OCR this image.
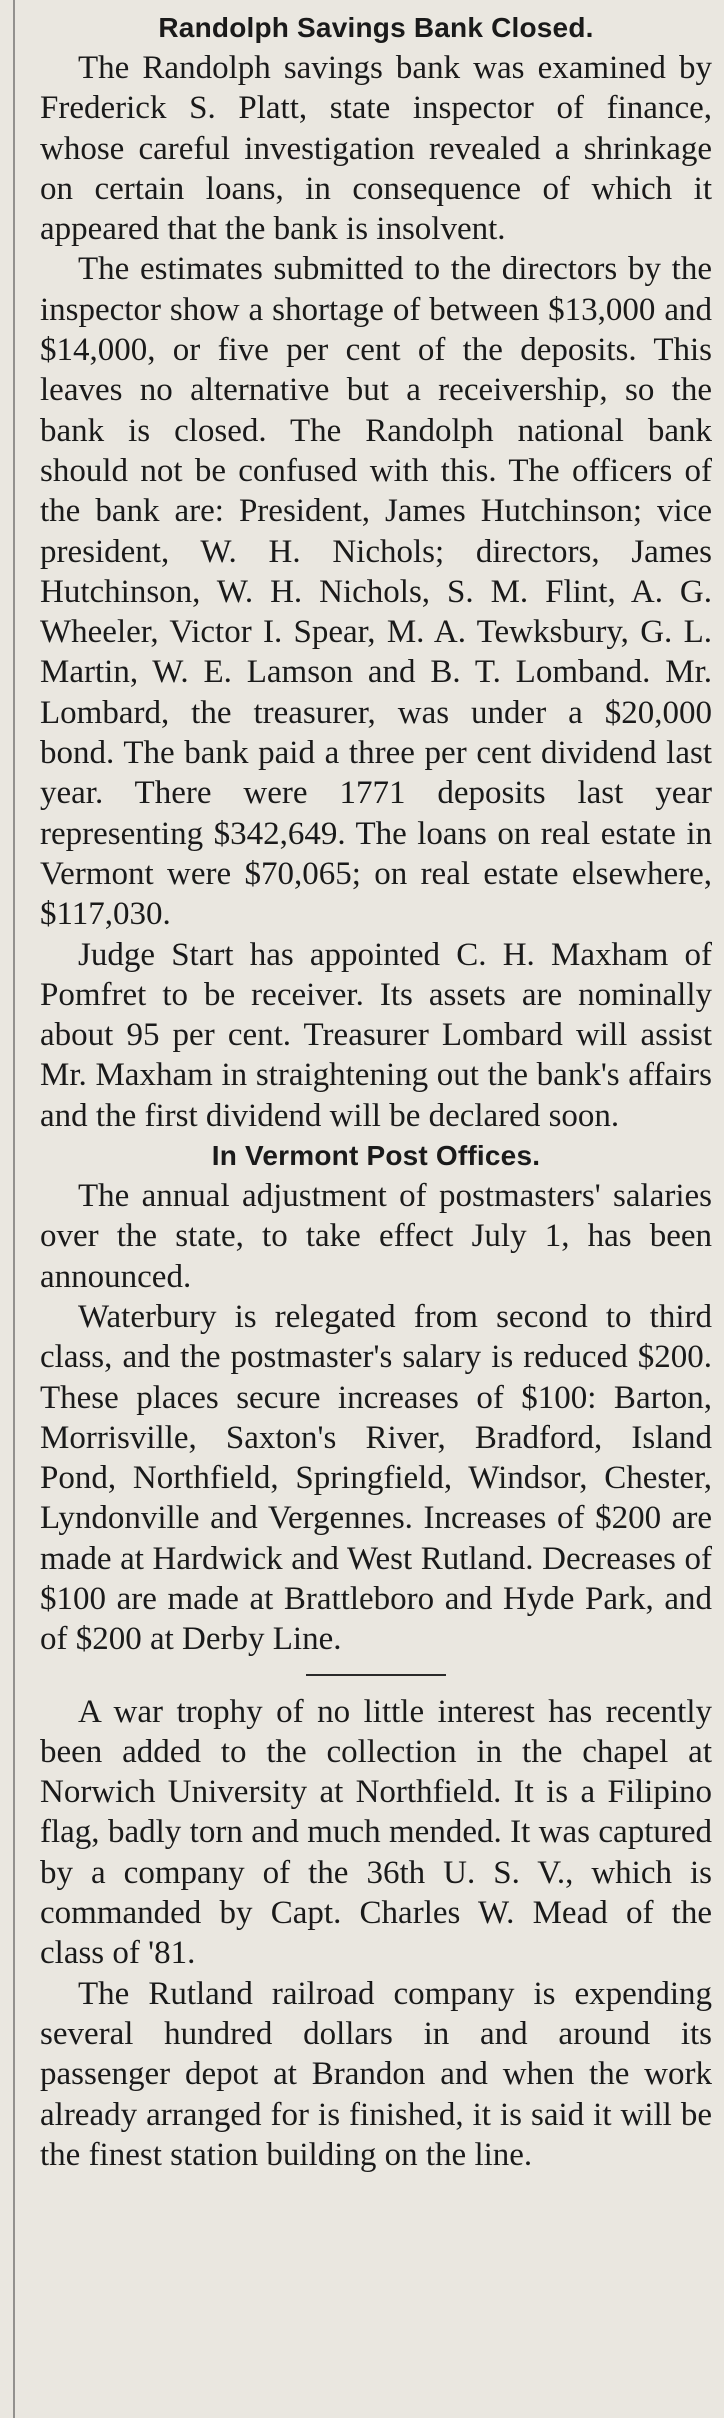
Randolph Savings Bank Closed.

The Randolph savings bank was examined by Frederick S. Platt, state inspector of finance, whose careful investigation revealed a shrinkage on certain loans, in consequence of which it appeared that the bank is insolvent.

The estimates submitted to the directors by the inspector show a shortage of between $13,000 and $14,000, or five per cent of the deposits. This leaves no alternative but a receivership, so the bank is closed. The Randolph national bank should not be confused with this. The officers of the bank are: President, James Hutchinson; vice president, W. H. Nichols; directors, James Hutchinson, W. H. Nichols, S. M. Flint, A. G. Wheeler, Victor I. Spear, M. A. Tewksbury, G. L. Martin, W. E. Lamson and B. T. Lomband. Mr. Lombard, the treasurer, was under a $20,000 bond. The bank paid a three per cent dividend last year. There were 1771 deposits last year representing $342,649. The loans on real estate in Vermont were $70,065; on real estate elsewhere, $117,030.

Judge Start has appointed C. H. Maxham of Pomfret to be receiver. Its assets are nominally about 95 per cent. Treasurer Lombard will assist Mr. Maxham in straightening out the bank's affairs and the first dividend will be declared soon.

In Vermont Post Offices.

The annual adjustment of postmasters' salaries over the state, to take effect July 1, has been announced.

Waterbury is relegated from second to third class, and the postmaster's salary is reduced $200. These places secure increases of $100: Barton, Morrisville, Saxton's River, Bradford, Island Pond, Northfield, Springfield, Windsor, Chester, Lyndonville and Vergennes. Increases of $200 are made at Hardwick and West Rutland. Decreases of $100 are made at Brattleboro and Hyde Park, and of $200 at Derby Line.

A war trophy of no little interest has recently been added to the collection in the chapel at Norwich University at Northfield. It is a Filipino flag, badly torn and much mended. It was captured by a company of the 36th U. S. V., which is commanded by Capt. Charles W. Mead of the class of '81.

The Rutland railroad company is expending several hundred dollars in and around its passenger depot at Brandon and when the work already arranged for is finished, it is said it will be the finest station building on the line.
